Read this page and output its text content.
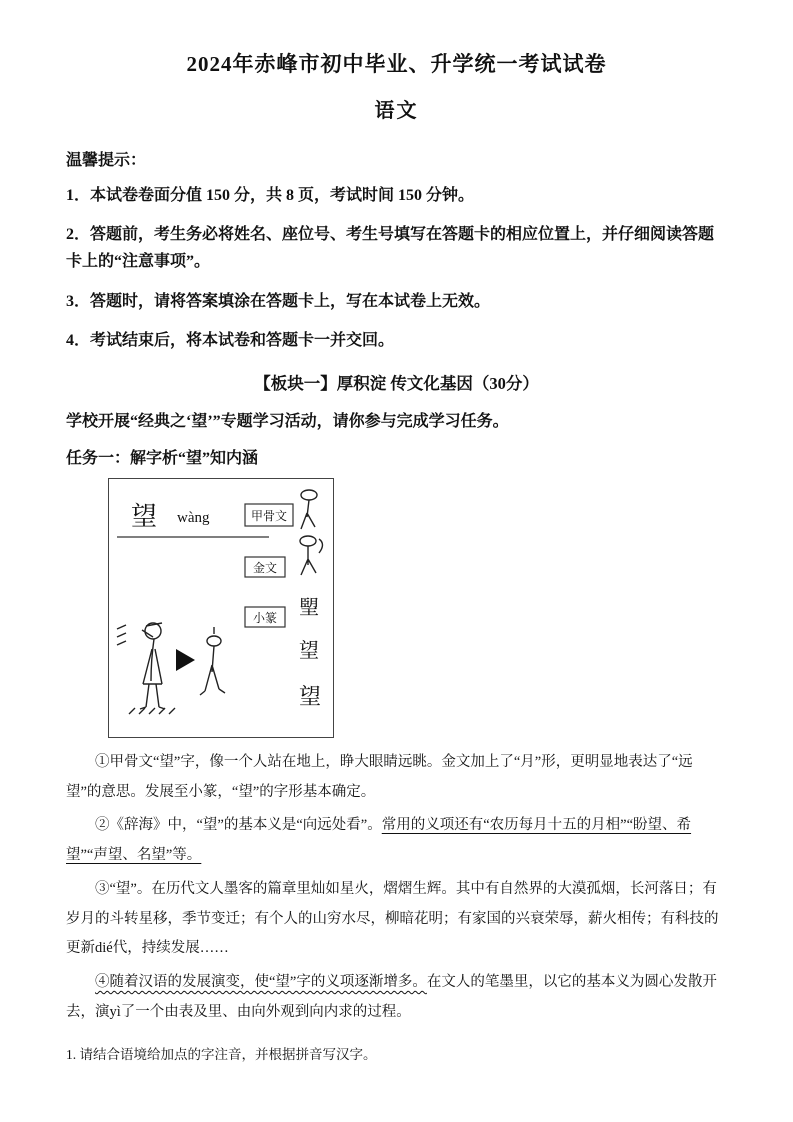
2024年赤峰市初中毕业、升学统一考试试卷
语文
温馨提示：
1．本试卷卷面分值 150 分，共 8 页，考试时间 150 分钟。
2．答题前，考生务必将姓名、座位号、考生号填写在答题卡的相应位置上，并仔细阅读答题卡上的“注意事项”。
3．答题时，请将答案填涂在答题卡上，写在本试卷上无效。
4．考试结束后，将本试卷和答题卡一并交回。
【板块一】厚积淀 传文化基因（30分）
学校开展“经典之‘望’”专题学习活动，请你参与完成学习任务。
任务一：解字析“望”知内涵
望 wàng	甲骨文
金文
小篆 朢
望
望

①甲骨文“望”字，像一个人站在地上，睁大眼睛远眺。金文加上了“月”形，更明显地表达了“远望”的意思。发展至小篆，“望”的字形基本确定。

②《辞海》中，“望”的基本义是“向远处看”。常用的义项还有“农历每月十五的月相”“盼望、希望”“声望、名望”等。

③“望”。在历代文人墨客的篇章里灿如星火，熠熠生辉。其中有自然界的大漠孤烟，长河落日；有岁月的斗转星移，季节变迁；有个人的山穷水尽，柳暗花明；有家国的兴衰荣辱，薪火相传；有科技的更新dié代，持续发展……

④随着汉语的发展演变，使“望”字的义项逐渐增多。在文人的笔墨里，以它的基本义为圆心发散开去，演yì了一个由表及里、由向外观到向内求的过程。

1. 请结合语境给加点的字注音，并根据拼音写汉字。
